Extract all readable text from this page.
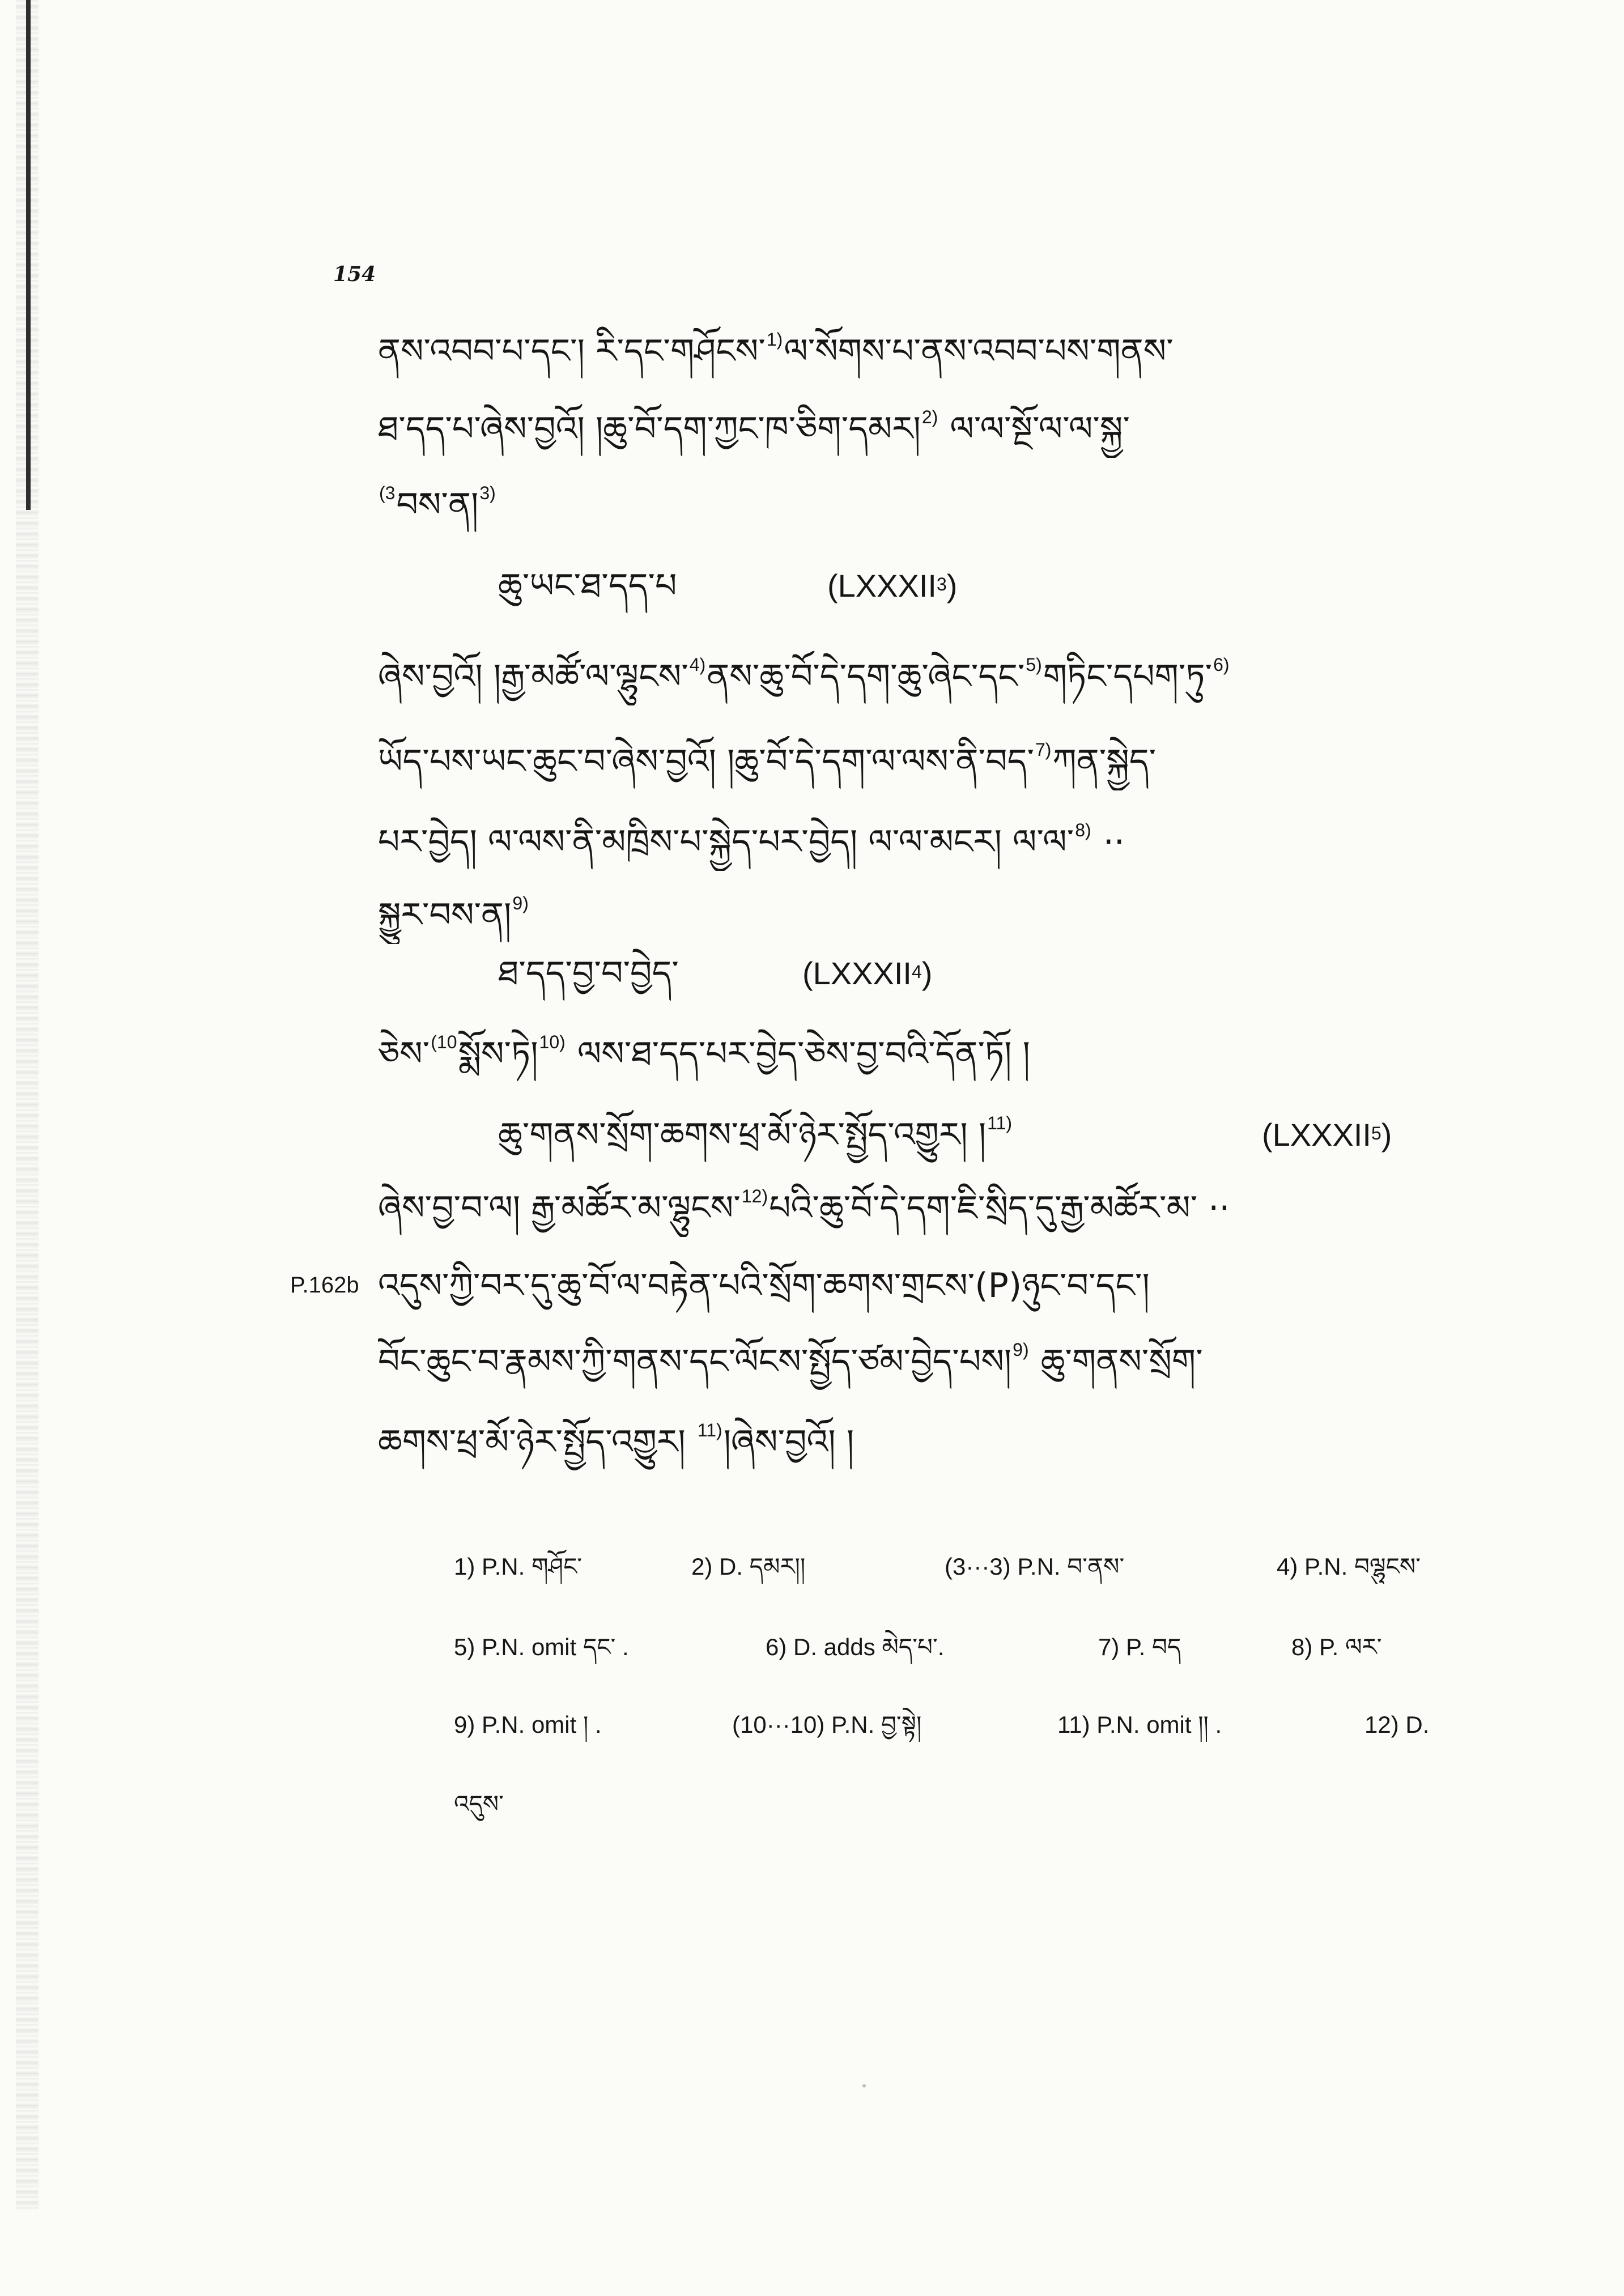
154
ནས་འབབ་པ་དང་། རི་དང་གཤོངས་$^{1)}$ལ་སོགས་པ་ནས་འབབ་པས་གནས་
ཐ་དད་པ་ཞེས་བྱའོ། །ཆུ་བོ་དག་ཀྱང་ཁ་ཅིག་དམར།$^{2)}$ ལ་ལ་སྔོ་ལ་ལ་སྐྱ་
$^{(3}$བས་ན།$^{3)}$
ཆུ་ཡང་ཐ་དད་པ	(LXXXII$^3$)
ཞེས་བྱའོ། །རྒྱ་མཚོ་ལ་ལྷུངས་$^{4)}$ནས་ཆུ་བོ་དེ་དག་ཆུ་ཞེང་དང་$^{5)}$གཏིང་དཔག་ཏུ་$^{6)}$
ཡོད་པས་ཡང་ཆུང་བ་ཞེས་བྱའོ། །ཆུ་བོ་དེ་དག་ལ་ལས་ནི་བད་$^{7)}$ཀན་སྐྱེད་
པར་བྱེད། ལ་ལས་ནི་མཁྲིས་པ་སྐྱེད་པར་བྱེད། ལ་ལ་མངར། ལ་ལ་$^{8)}$ ··
སྐྱུར་བས་ན།$^{9)}$
ཐ་དད་བྱ་བ་བྱེད་	(LXXXII$^4$)
ཅེས་$^{(10}$སྨོས་ཏེ།$^{10)}$ ལས་ཐ་དད་པར་བྱེད་ཅེས་བྱ་བའི་དོན་ཏོ། །
ཆུ་གནས་སྲོག་ཆགས་ཕྲ་མོ་ཉེར་སྤྱོད་འགྱུར། །$^{11)}$	(LXXXII$^5$)
ཞེས་བྱ་བ་ལ། རྒྱ་མཚོར་མ་ལྷུངས་$^{12)}$པའི་ཆུ་བོ་དེ་དག་ཇི་སྲིད་དུ་རྒྱ་མཚོར་མ་ ··
P.162b འདུས་ཀྱི་བར་དུ་ཆུ་བོ་ལ་བརྟེན་པའི་སྲོག་ཆགས་གྲངས་(P)ཉུང་བ་དང་།
བོང་ཆུང་བ་རྣམས་ཀྱི་གནས་དང་ལོངས་སྤྱོད་ཙམ་བྱེད་པས།$^{9)}$ ཆུ་གནས་སྲོག་
ཆགས་ཕྲ་མོ་ཉེར་སྤྱོད་འགྱུར། $^{11)}$།ཞེས་བྱའོ། །
1) P.N. གཤོང་	2) D. དམར།།	(3···3) P.N. བ་ནས་	4) P.N. བལྷུངས་
5) P.N. omit དང་ .	6) D. adds མེད་པ་.	7) P. བད	8) P. ལར་
9) P.N. omit ། .	(10···10) P.N. བྱ་སྟེ།	11) P.N. omit །། .	12) D.
འདུས་
